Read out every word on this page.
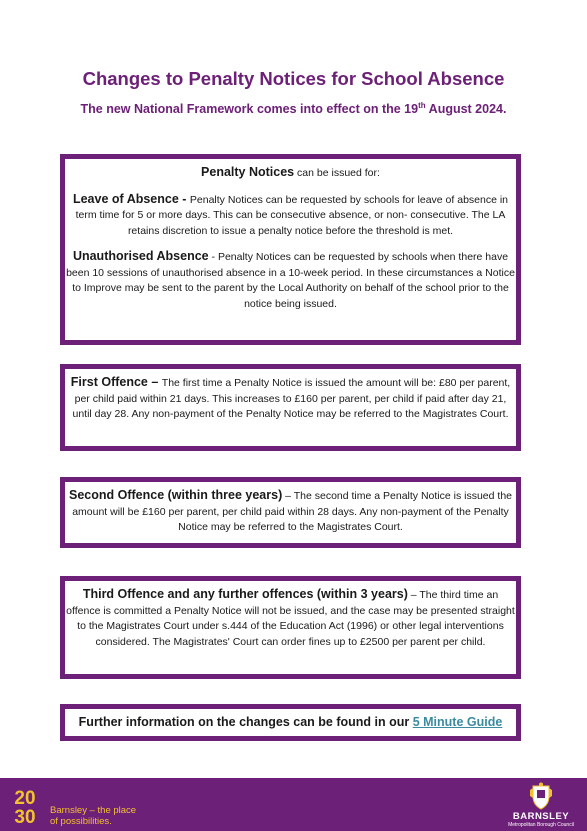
Changes to Penalty Notices for School Absence

The new National Framework comes into effect on the 19th August 2024.

Penalty Notices can be issued for:

Leave of Absence - Penalty Notices can be requested by schools for leave of absence in term time for 5 or more days. This can be consecutive absence, or non- consecutive. The LA retains discretion to issue a penalty notice before the threshold is met.

Unauthorised Absence - Penalty Notices can be requested by schools when there have been 10 sessions of unauthorised absence in a 10-week period. In these circumstances a Notice to Improve may be sent to the parent by the Local Authority on behalf of the school prior to the notice being issued.

First Offence – The first time a Penalty Notice is issued the amount will be: £80 per parent, per child paid within 21 days. This increases to £160 per parent, per child if paid after day 21, until day 28. Any non-payment of the Penalty Notice may be referred to the Magistrates Court.

Second Offence (within three years) – The second time a Penalty Notice is issued the amount will be £160 per parent, per child paid within 28 days. Any non-payment of the Penalty Notice may be referred to the Magistrates Court.

Third Offence and any further offences (within 3 years) – The third time an offence is committed a Penalty Notice will not be issued, and the case may be presented straight to the Magistrates Court under s.444 of the Education Act (1996) or other legal interventions considered. The Magistrates' Court can order fines up to £2500 per parent per child.

Further information on the changes can be found in our 5 Minute Guide

20
30 Barnsley – the place
of possibilities.	BARNSLEY
Metropolitan Borough Council
